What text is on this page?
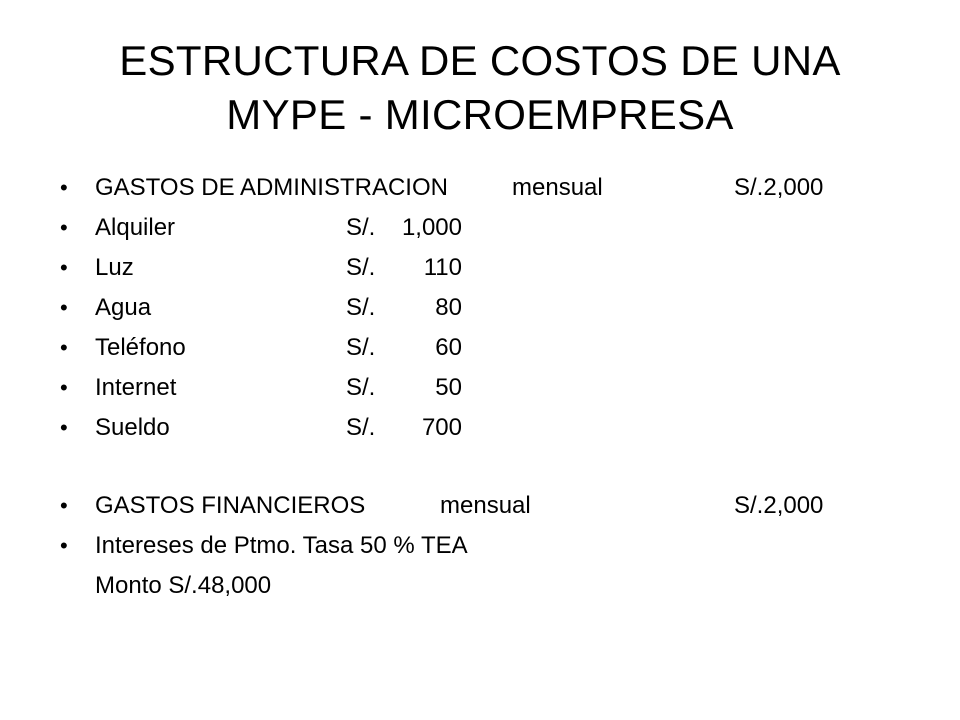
ESTRUCTURA DE COSTOS DE UNA
MYPE - MICROEMPRESA
•	GASTOS DE ADMINISTRACION	mensual	S/.2,000
•	Alquiler	S/.	1,000
•	Luz	S/.	110
•	Agua	S/.	80
•	Teléfono	S/.	60
•	Internet	S/.	50
•	Sueldo	S/.	700
•	GASTOS FINANCIEROS	mensual	S/.2,000
•	Intereses de Ptmo. Tasa 50 % TEA
Monto S/.48,000
